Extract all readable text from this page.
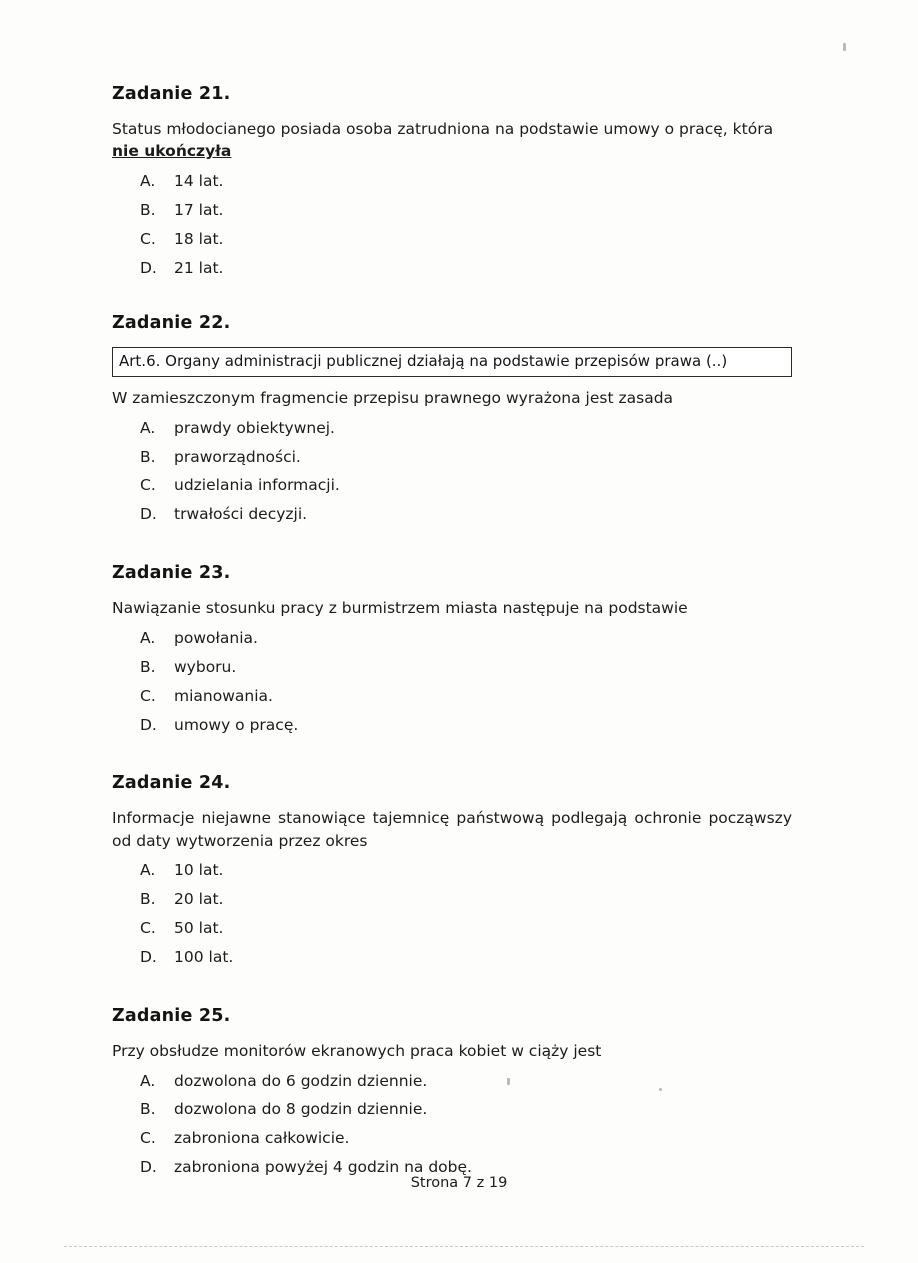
Zadanie 21.

Status młodocianego posiada osoba zatrudniona na podstawie umowy o pracę, która nie ukończyła

A.	14 lat.
B.	17 lat.
C.	18 lat.
D.	21 lat.
Zadanie 22.
Art.6. Organy administracji publicznej działają na podstawie przepisów prawa (..)

W zamieszczonym fragmencie przepisu prawnego wyrażona jest zasada

A.	prawdy obiektywnej.
B.	praworządności.
C.	udzielania informacji.
D.	trwałości decyzji.
Zadanie 23.

Nawiązanie stosunku pracy z burmistrzem miasta następuje na podstawie

A.	powołania.
B.	wyboru.
C.	mianowania.
D.	umowy o pracę.
Zadanie 24.

Informacje niejawne stanowiące tajemnicę państwową podlegają ochronie począwszy od daty wytworzenia przez okres

A.	10 lat.
B.	20 lat.
C.	50 lat.
D.	100 lat.
Zadanie 25.

Przy obsłudze monitorów ekranowych praca kobiet w ciąży jest

A.	dozwolona do 6 godzin dziennie.
B.	dozwolona do 8 godzin dziennie.
C.	zabroniona całkowicie.
D.	zabroniona powyżej 4 godzin na dobę.
Strona 7 z 19
